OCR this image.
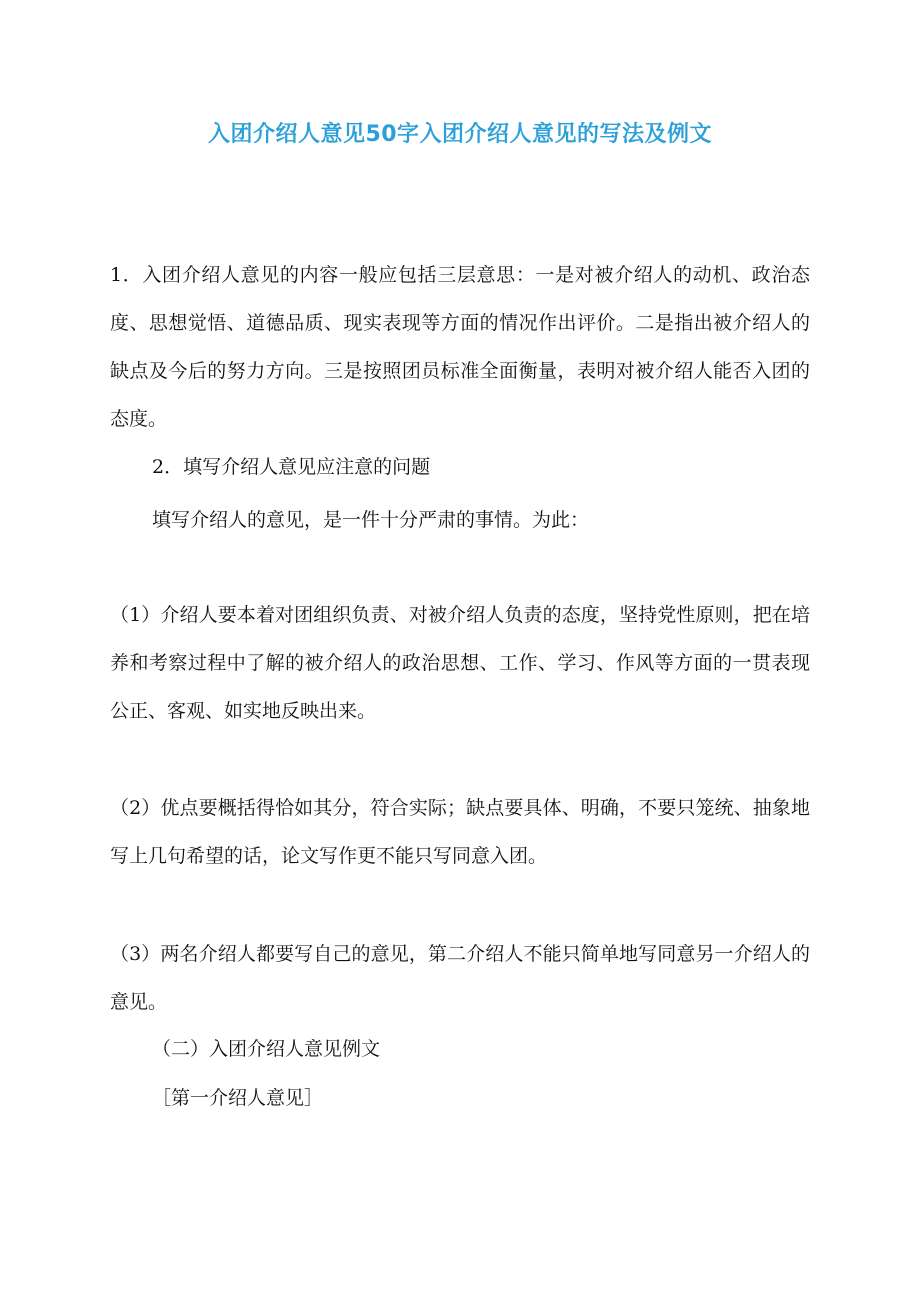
入团介绍人意见50字入团介绍人意见的写法及例文
1．入团介绍人意见的内容一般应包括三层意思：一是对被介绍人的动机、政治态度、思想觉悟、道德品质、现实表现等方面的情况作出评价。二是指出被介绍人的缺点及今后的努力方向。三是按照团员标准全面衡量，表明对被介绍人能否入团的态度。
2．填写介绍人意见应注意的问题
填写介绍人的意见，是一件十分严肃的事情。为此：
（1）介绍人要本着对团组织负责、对被介绍人负责的态度，坚持党性原则，把在培养和考察过程中了解的被介绍人的政治思想、工作、学习、作风等方面的一贯表现公正、客观、如实地反映出来。
（2）优点要概括得恰如其分，符合实际；缺点要具体、明确，不要只笼统、抽象地写上几句希望的话，论文写作更不能只写同意入团。
（3）两名介绍人都要写自己的意见，第二介绍人不能只简单地写同意另一介绍人的意见。
（二）入团介绍人意见例文
［第一介绍人意见］
